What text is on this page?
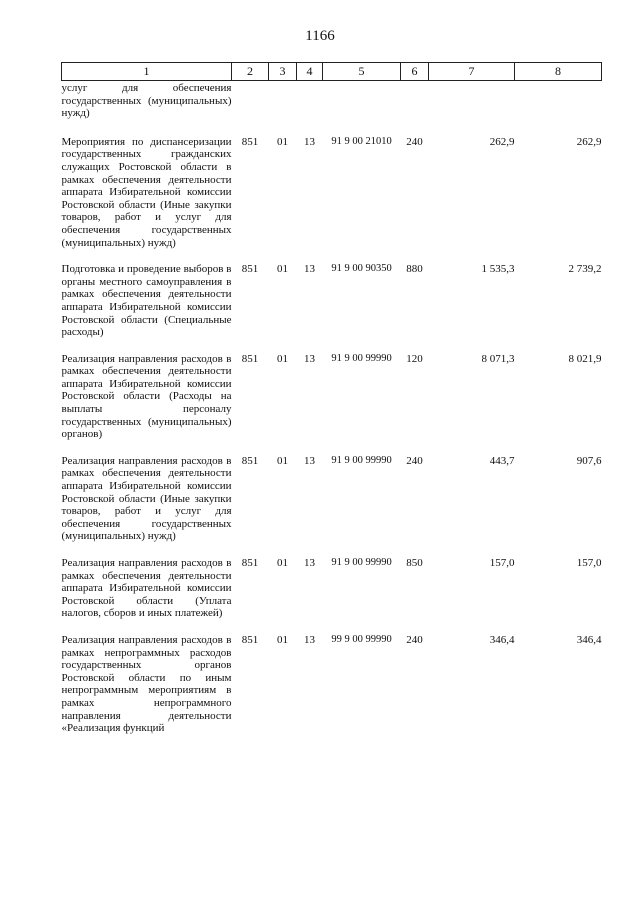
1166
1	2	3	4	5	6	7	8
услуг для обеспечения государственных (муниципальных) нужд)							
Мероприятия по диспансеризации государственных гражданских служащих Ростовской области в рамках обеспечения деятельности аппарата Избирательной комиссии Ростовской области (Иные закупки товаров, работ и услуг для обеспечения государственных (муниципальных) нужд)	851	01	13	91 9 00 21010	240	262,9	262,9
Подготовка и проведение выборов в органы местного самоуправления в рамках обеспечения деятельности аппарата Избирательной комиссии Ростовской области (Специальные расходы)	851	01	13	91 9 00 90350	880	1 535,3	2 739,2
Реализация направления расходов в рамках обеспечения деятельности аппарата Избирательной комиссии Ростовской области (Расходы на выплаты персоналу государственных (муниципальных) органов)	851	01	13	91 9 00 99990	120	8 071,3	8 021,9
Реализация направления расходов в рамках обеспечения деятельности аппарата Избирательной комиссии Ростовской области (Иные закупки товаров, работ и услуг для обеспечения государственных (муниципальных) нужд)	851	01	13	91 9 00 99990	240	443,7	907,6
Реализация направления расходов в рамках обеспечения деятельности аппарата Избирательной комиссии Ростовской области (Уплата налогов, сборов и иных платежей)	851	01	13	91 9 00 99990	850	157,0	157,0
Реализация направления расходов в рамках непрограммных расходов государственных органов Ростовской области по иным непрограммным мероприятиям в рамках непрограммного направления деятельности «Реализация функций	851	01	13	99 9 00 99990	240	346,4	346,4
